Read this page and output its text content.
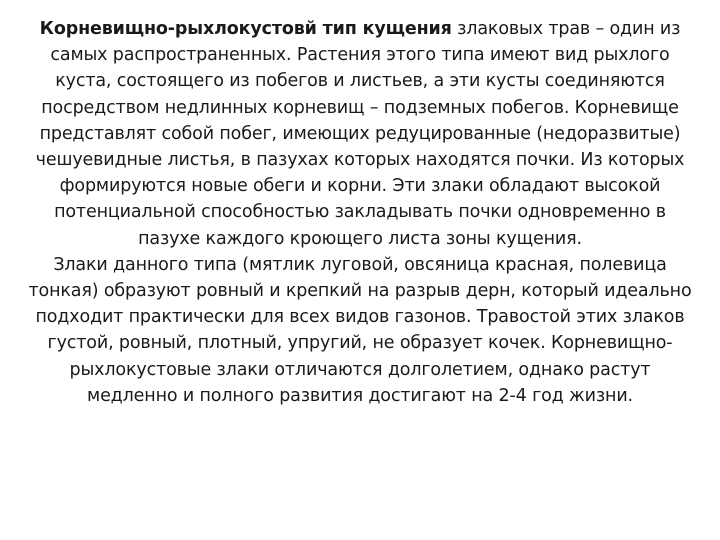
Корневищно-рыхлокустовй тип кущения злаковых трав – один из самых распространенных. Растения этого типа имеют вид рыхлого куста, состоящего из побегов и листьев, а эти кусты соединяются посредством недлинных корневищ – подземных побегов. Корневище представлят собой побег, имеющих редуцированные (недоразвитые) чешуевидные листья, в пазухах которых находятся почки. Из которых формируются новые обеги и корни. Эти злаки обладают высокой потенциальной способностью закладывать почки одновременно в пазухе каждого кроющего листа зоны кущения.

Злаки данного типа (мятлик луговой, овсяница красная, полевица тонкая) образуют ровный и крепкий на разрыв дерн, который идеально подходит практически для всех видов газонов. Травостой этих злаков густой, ровный, плотный, упругий, не образует кочек. Корневищно-рыхлокустовые злаки отличаются долголетием, однако растут медленно и полного развития достигают на 2-4 год жизни.
